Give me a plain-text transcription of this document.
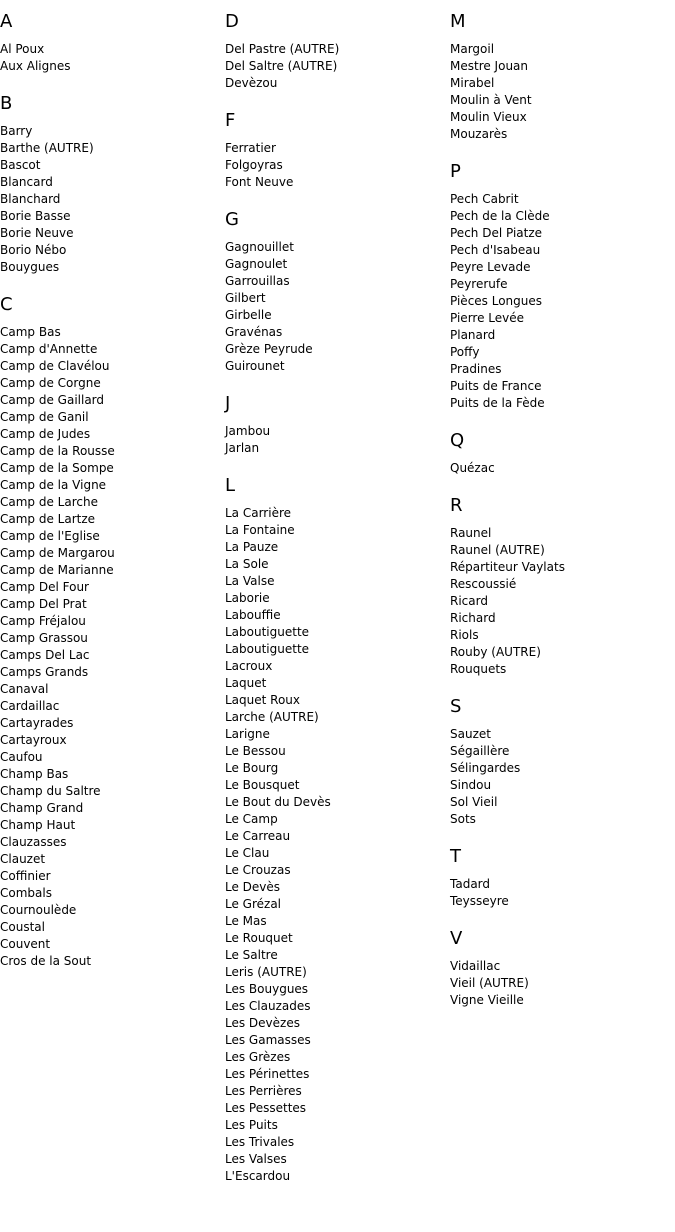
A
Al Poux
Aux Alignes
B
Barry
Barthe (AUTRE)
Bascot
Blancard
Blanchard
Borie Basse
Borie Neuve
Borio Nébo
Bouygues
C
Camp Bas
Camp d'Annette
Camp de Clavélou
Camp de Corgne
Camp de Gaillard
Camp de Ganil
Camp de Judes
Camp de la Rousse
Camp de la Sompe
Camp de la Vigne
Camp de Larche
Camp de Lartze
Camp de l'Eglise
Camp de Margarou
Camp de Marianne
Camp Del Four
Camp Del Prat
Camp Fréjalou
Camp Grassou
Camps Del Lac
Camps Grands
Canaval
Cardaillac
Cartayrades
Cartayroux
Caufou
Champ Bas
Champ du Saltre
Champ Grand
Champ Haut
Clauzasses
Clauzet
Coffinier
Combals
Cournoulède
Coustal
Couvent
Cros de la Sout
D
Del Pastre (AUTRE)
Del Saltre (AUTRE)
Devèzou
F
Ferratier
Folgoyras
Font Neuve
G
Gagnouillet
Gagnoulet
Garrouillas
Gilbert
Girbelle
Gravénas
Grèze Peyrude
Guirounet
J
Jambou
Jarlan
L
La Carrière
La Fontaine
La Pauze
La Sole
La Valse
Laborie
Labouffie
Laboutiguette
Laboutiguette
Lacroux
Laquet
Laquet Roux
Larche (AUTRE)
Larigne
Le Bessou
Le Bourg
Le Bousquet
Le Bout du Devès
Le Camp
Le Carreau
Le Clau
Le Crouzas
Le Devès
Le Grézal
Le Mas
Le Rouquet
Le Saltre
Leris (AUTRE)
Les Bouygues
Les Clauzades
Les Devèzes
Les Gamasses
Les Grèzes
Les Périnettes
Les Perrières
Les Pessettes
Les Puits
Les Trivales
Les Valses
L'Escardou
M
Margoil
Mestre Jouan
Mirabel
Moulin à Vent
Moulin Vieux
Mouzarès
P
Pech Cabrit
Pech de la Clède
Pech Del Piatze
Pech d'Isabeau
Peyre Levade
Peyrerufe
Pièces Longues
Pierre Levée
Planard
Poffy
Pradines
Puits de France
Puits de la Fède
Q
Quézac
R
Raunel
Raunel (AUTRE)
Répartiteur Vaylats
Rescoussié
Ricard
Richard
Riols
Rouby (AUTRE)
Rouquets
S
Sauzet
Ségaillère
Sélingardes
Sindou
Sol Vieil
Sots
T
Tadard
Teysseyre
V
Vidaillac
Vieil (AUTRE)
Vigne Vieille
